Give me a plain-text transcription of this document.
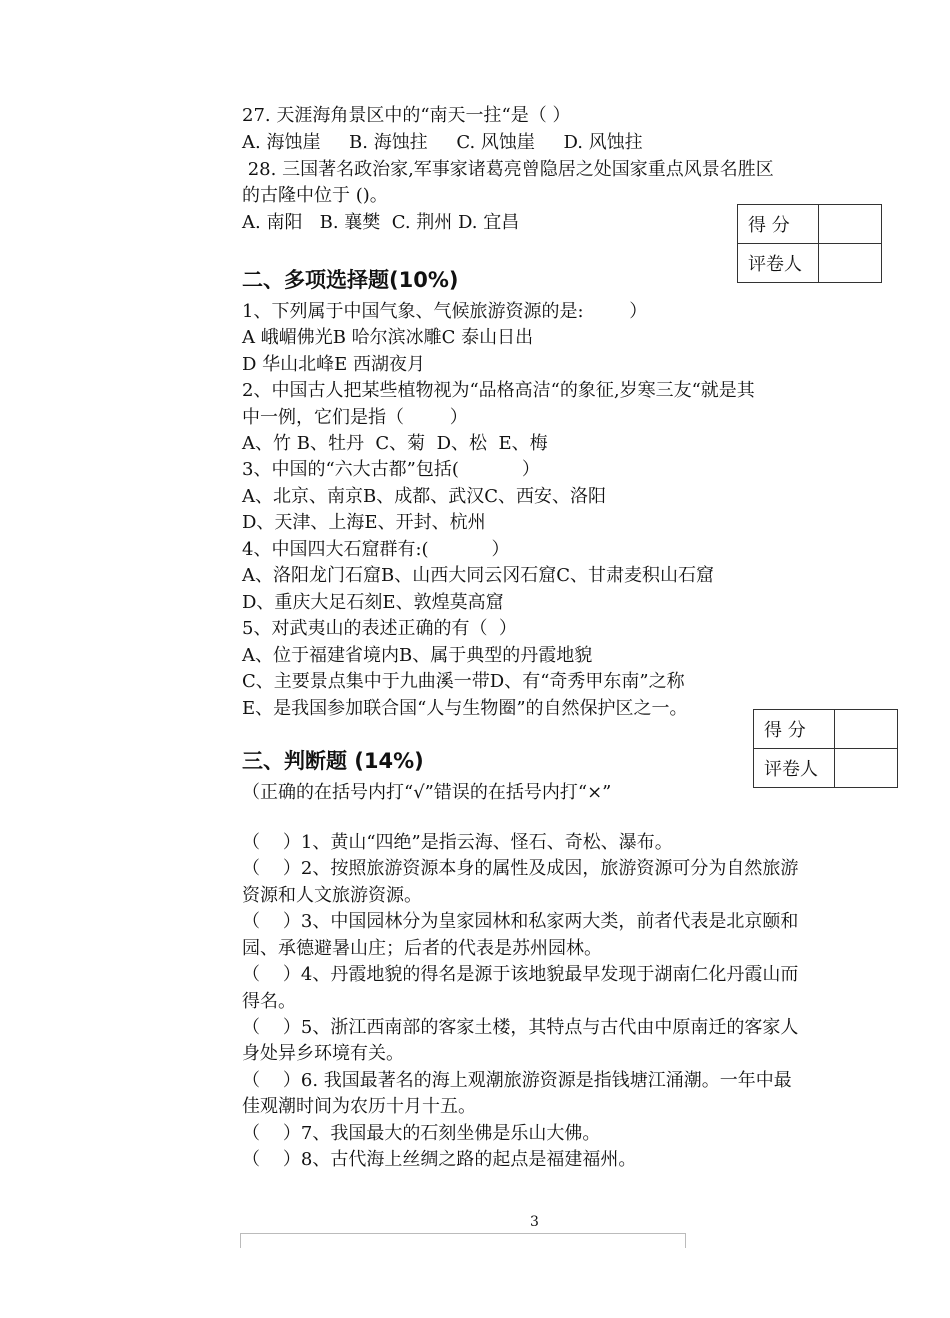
27. 天涯海角景区中的“南天一拄“是（ ）
A. 海蚀崖     B. 海蚀拄     C. 风蚀崖     D. 风蚀拄
28. 三国著名政治家,军事家诸葛亮曾隐居之处国家重点风景名胜区
的古隆中位于 ()。
A. 南阳   B. 襄樊  C. 荆州 D. 宜昌	得 分	
评卷人	
二、多项选择题(10%)
1、下列属于中国气象、气候旅游资源的是:        ）
A 峨嵋佛光B 哈尔滨冰雕C 泰山日出
D 华山北峰E 西湖夜月
2、中国古人把某些植物视为“品格高洁“的象征,岁寒三友“就是其
中一例，它们是指（        ）
A、竹 B、牡丹  C、菊  D、松  E、梅
3、中国的“六大古都”包括(           ）
A、北京、南京B、成都、武汉C、西安、洛阳
D、天津、上海E、开封、杭州
4、中国四大石窟群有:(           ）
A、洛阳龙门石窟B、山西大同云冈石窟C、甘肃麦积山石窟
D、重庆大足石刻E、敦煌莫高窟
5、对武夷山的表述正确的有（  ）
A、位于福建省境内B、属于典型的丹霞地貌
C、主要景点集中于九曲溪一带D、有“奇秀甲东南”之称
E、是我国参加联合国“人与生物圈”的自然保护区之一。
得 分	
评卷人	
三、判断题 (14%)
（正确的在括号内打“√”错误的在括号内打“×”
（    ）1、黄山“四绝”是指云海、怪石、奇松、瀑布。
（    ）2、按照旅游资源本身的属性及成因，旅游资源可分为自然旅游
资源和人文旅游资源。
（    ）3、中国园林分为皇家园林和私家两大类，前者代表是北京颐和
园、承德避暑山庄；后者的代表是苏州园林。
（    ）4、丹霞地貌的得名是源于该地貌最早发现于湖南仁化丹霞山而
得名。
（    ）5、浙江西南部的客家土楼，其特点与古代由中原南迁的客家人
身处异乡环境有关。
（    ）6. 我国最著名的海上观潮旅游资源是指钱塘江涌潮。一年中最
佳观潮时间为农历十月十五。
（    ）7、我国最大的石刻坐佛是乐山大佛。
（    ）8、古代海上丝绸之路的起点是福建福州。
3
